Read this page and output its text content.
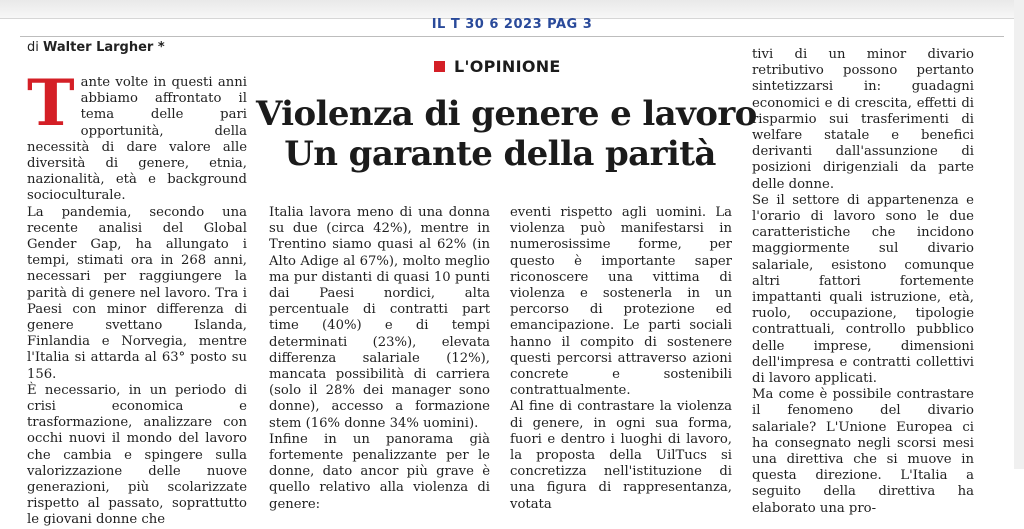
IL T 30 6 2023 PAG 3
di Walter Largher *

Tante volte in questi anni abbiamo affrontato il tema delle pari opportunità, della necessità di dare valore alle diversità di genere, etnia, nazionalità, età e background socioculturale.

La pandemia, secondo una recente analisi del Global Gender Gap, ha allungato i tempi, stimati ora in 268 anni, necessari per raggiungere la parità di genere nel lavoro. Tra i Paesi con minor differenza di genere svettano Islanda, Finlandia e Norvegia, mentre l'Italia si attarda al 63° posto su 156.

È necessario, in un periodo di crisi economica e trasformazione, analizzare con occhi nuovi il mondo del lavoro che cambia e spingere sulla valorizzazione delle nuove generazioni, più scolarizzate rispetto al passato, soprattutto le giovani donne che

L'OPINIONE
Violenza di genere e lavoro
Un garante della parità

Italia lavora meno di una donna su due (circa 42%), mentre in Trentino siamo quasi al 62% (in Alto Adige al 67%), molto meglio ma pur distanti di quasi 10 punti dai Paesi nordici, alta percentuale di contratti part time (40%) e di tempi determinati (23%), elevata differenza salariale (12%), mancata possibilità di carriera (solo il 28% dei manager sono donne), accesso a formazione stem (16% donne 34% uomini).

Infine in un panorama già fortemente penalizzante per le donne, dato ancor più grave è quello relativo alla violenza di genere:

eventi rispetto agli uomini. La violenza può manifestarsi in numerosissime forme, per questo è importante saper riconoscere una vittima di violenza e sostenerla in un percorso di protezione ed emancipazione. Le parti sociali hanno il compito di sostenere questi percorsi attraverso azioni concrete e sostenibili contrattualmente.

Al fine di contrastare la violenza di genere, in ogni sua forma, fuori e dentro i luoghi di lavoro, la proposta della UilTucs si concretizza nell'istituzione di una figura di rappresentanza, votata

tivi di un minor divario retributivo possono pertanto sintetizzarsi in: guadagni economici e di crescita, effetti di risparmio sui trasferimenti di welfare statale e benefici derivanti dall'assunzione di posizioni dirigenziali da parte delle donne.

Se il settore di appartenenza e l'orario di lavoro sono le due caratteristiche che incidono maggiormente sul divario salariale, esistono comunque altri fattori fortemente impattanti quali istruzione, età, ruolo, occupazione, tipologie contrattuali, controllo pubblico delle imprese, dimensioni dell'impresa e contratti collettivi di lavoro applicati.

Ma come è possibile contrastare il fenomeno del divario salariale? L'Unione Europea ci ha consegnato negli scorsi mesi una direttiva che si muove in questa direzione. L'Italia a seguito della direttiva ha elaborato una pro-
